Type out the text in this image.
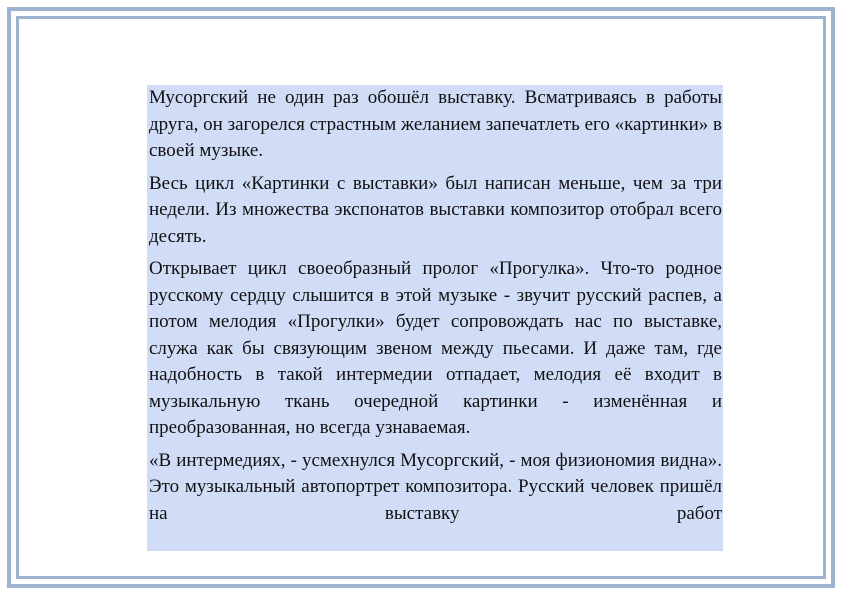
Мусоргский не один раз обошёл выставку. Всматриваясь в работы друга, он загорелся страстным желанием запечатлеть его «картинки» в своей музыке.

Весь цикл «Картинки с выставки» был написан меньше, чем за три недели. Из множества экспонатов выставки композитор отобрал всего десять.

Открывает цикл своеобразный пролог «Прогулка». Что-то родное русскому сердцу слышится в этой музыке - звучит русский распев, а потом мелодия «Прогулки» будет сопровождать нас по выставке, служа как бы связующим звеном между пьесами. И даже там, где надобность в такой интермедии отпадает, мелодия её входит в музыкальную ткань очередной картинки - изменённая и преобразованная, но всегда узнаваемая.

«В интермедиях, - усмехнулся Мусоргский, - моя физиономия видна». Это музыкальный автопортрет композитора. Русский человек пришёл на выставку работ
